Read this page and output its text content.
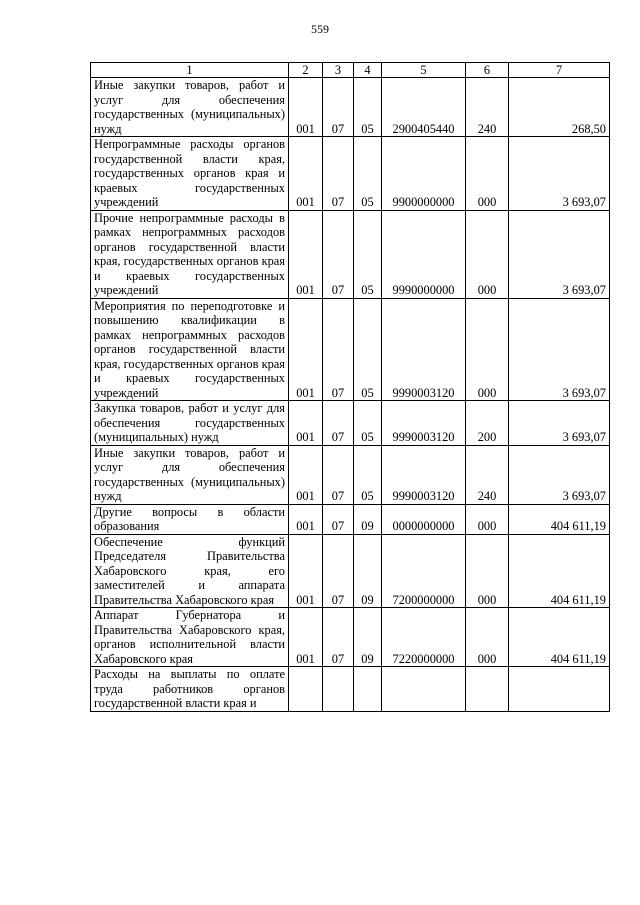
559
1	2	3	4	5	6	7
Иные закупки товаров, работ и услуг для обеспечения государственных (муниципальных) нужд	001	07	05	2900405440	240	268,50
Непрограммные расходы органов государственной власти края, государственных органов края и краевых государственных учреждений	001	07	05	9900000000	000	3 693,07
Прочие непрограммные расходы в рамках непрограммных расходов органов государственной власти края, государственных органов края и краевых государственных учреждений	001	07	05	9990000000	000	3 693,07
Мероприятия по переподготовке и повышению квалификации в рамках непрограммных расходов органов государственной власти края, государственных органов края и краевых государственных учреждений	001	07	05	9990003120	000	3 693,07
Закупка товаров, работ и услуг для обеспечения государственных (муниципальных) нужд	001	07	05	9990003120	200	3 693,07
Иные закупки товаров, работ и услуг для обеспечения государственных (муниципальных) нужд	001	07	05	9990003120	240	3 693,07
Другие вопросы в области образования	001	07	09	0000000000	000	404 611,19
Обеспечение функций Председателя Правительства Хабаровского края, его заместителей и аппарата Правительства Хабаровского края	001	07	09	7200000000	000	404 611,19
Аппарат Губернатора и Правительства Хабаровского края, органов исполнительной власти Хабаровского края	001	07	09	7220000000	000	404 611,19
Расходы на выплаты по оплате труда работников органов государственной власти края и						
